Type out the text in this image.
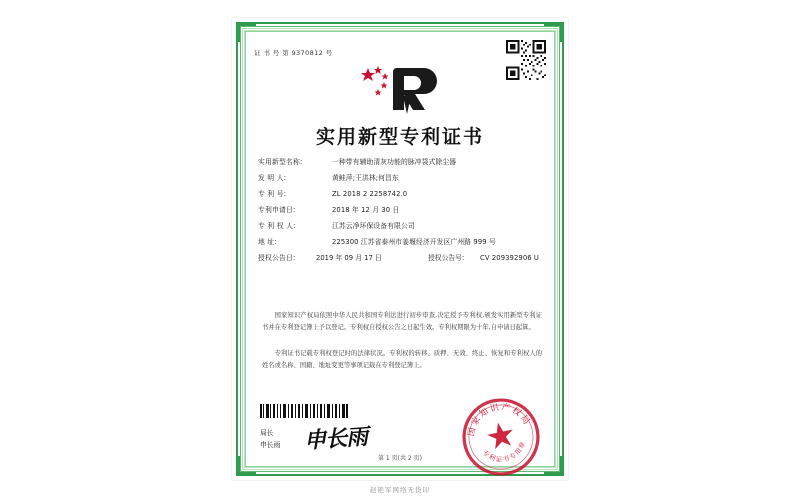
证 书 号 第 9370812 号
实用新型专利证书
实用新型名称:	一种带有辅助清灰功能的脉冲袋式除尘器
发 明 人:	黄鲑萍;王洪林;何昌东
专 利 号:	ZL 2018 2 2258742.0
专利申请日:	2018 年 12 月 30 日
专 利 权 人:	江苏云净环保设备有限公司
地 址:	225300 江苏省泰州市姜堰经济开发区广州路 999 号
授权公告日:	2019 年 09 月 17 日	授权公告号:	CV 209392906 U
国家知识产权局依照中华人民共和国专利法进行初步审查,决定授予专利权,颁发实用新型专利证书并在专利登记簿上予以登记。专利权自授权公告之日起生效。专利权期限为十年,自申请日起算。
专利证书记载专利权登记时的法律状况。专利权的转移、质押、无效、终止、恢复和专利权人的姓名或名称、国籍、地址变更等事项记载在专利登记簿上。
局长
申长雨 申长雨	国家知识产权局
专利证书专用章
第 1 页(共 2 页)
赵艳军网络无货印
